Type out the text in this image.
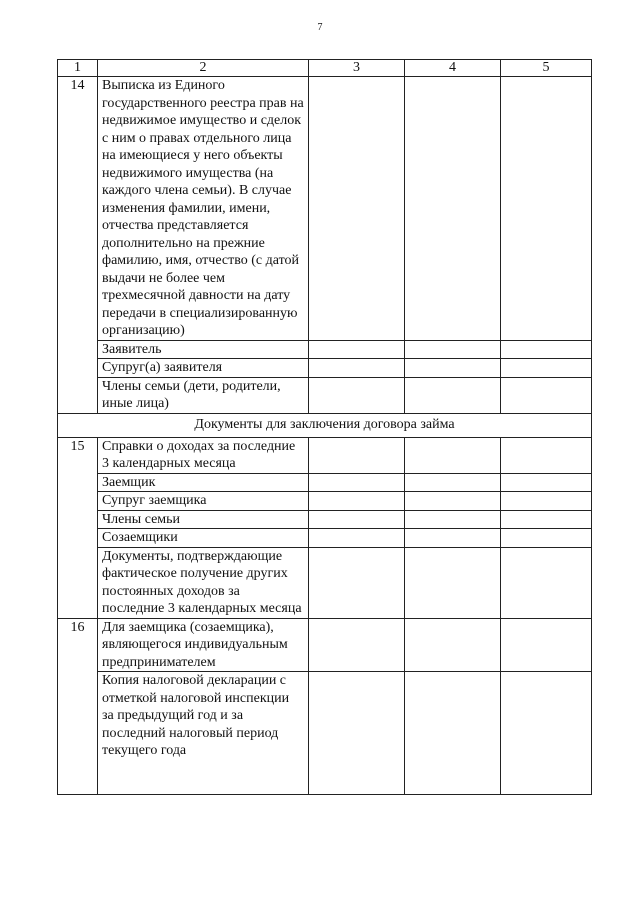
7
1	2	3	4	5
14	Выписка из Единого государственного реестра прав на недвижимое имущество и сделок с ним о правах отдельного лица на имеющиеся у него объекты недвижимого имущества (на каждого члена семьи). В случае изменения фамилии, имени, отчества представляется дополнительно на прежние фамилию, имя, отчество (с датой выдачи не более чем трехмесячной давности на дату передачи в специализированную организацию)			
	Заявитель			
	Супруг(а) заявителя			
	Члены семьи (дети, родители, иные лица)			
Документы для заключения договора займа				
15	Справки о доходах за последние 3 календарных месяца			
	Заемщик			
	Супруг заемщика			
	Члены семьи			
	Созаемщики			
	Документы, подтверждающие фактическое получение других постоянных доходов за последние 3 календарных месяца			
16	Для заемщика (созаемщика), являющегося индивидуальным предпринимателем			
	Копия налоговой декларации с отметкой налоговой инспекции за предыдущий год и за последний налоговый период текущего года			
